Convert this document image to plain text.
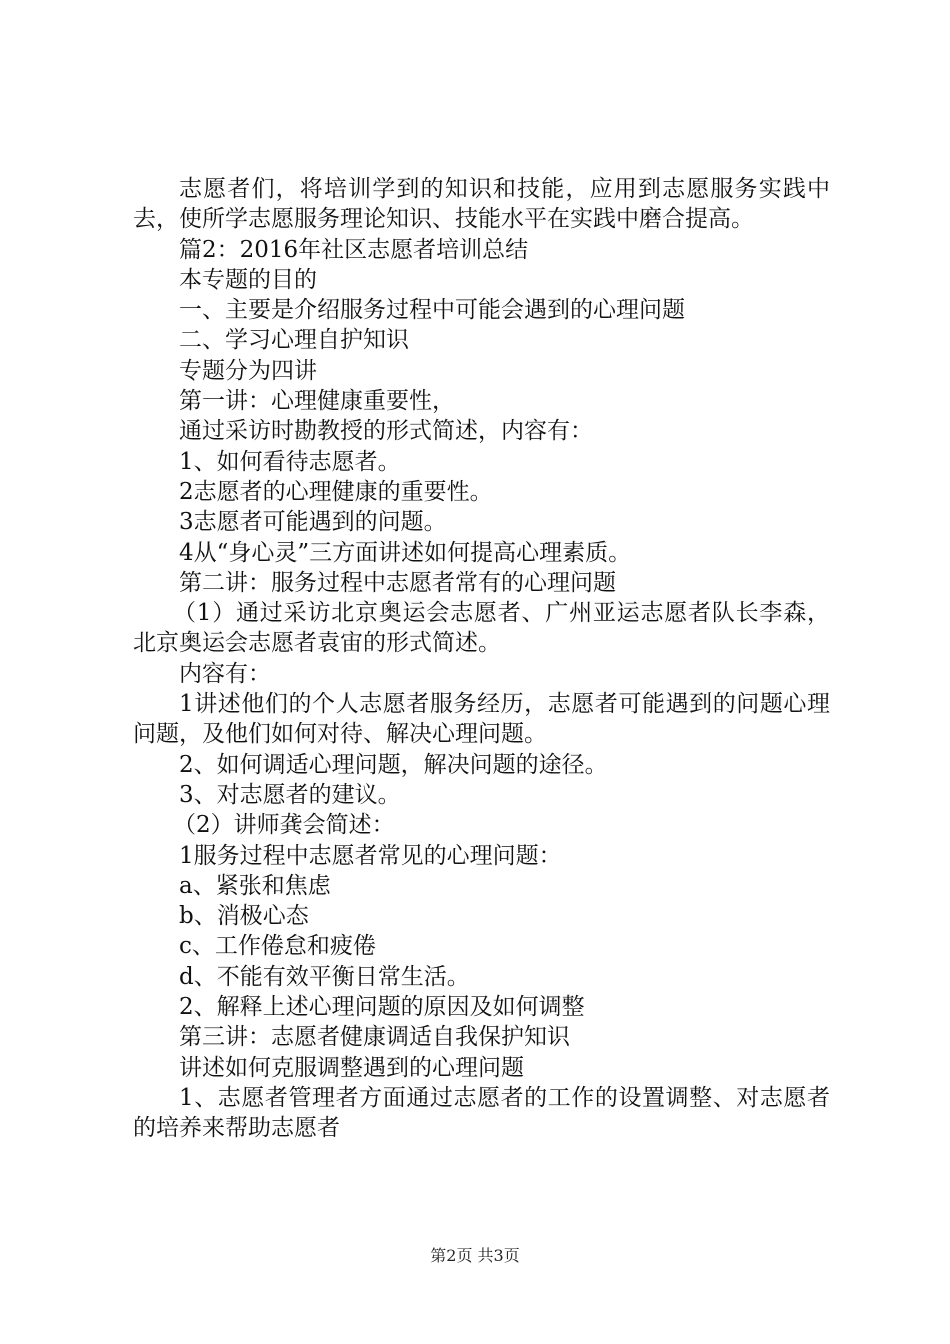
志愿者们，将培训学到的知识和技能，应用到志愿服务实践中去，使所学志愿服务理论知识、技能水平在实践中磨合提高。

篇2：2016年社区志愿者培训总结

本专题的目的

一、主要是介绍服务过程中可能会遇到的心理问题

二、学习心理自护知识

专题分为四讲

第一讲：心理健康重要性，

通过采访时勘教授的形式简述，内容有：

1、如何看待志愿者。

2志愿者的心理健康的重要性。

3志愿者可能遇到的问题。

4从“身心灵”三方面讲述如何提高心理素质。

第二讲：服务过程中志愿者常有的心理问题

（1）通过采访北京奥运会志愿者、广州亚运志愿者队长李森，北京奥运会志愿者袁宙的形式简述。

内容有：

1讲述他们的个人志愿者服务经历，志愿者可能遇到的问题心理问题，及他们如何对待、解决心理问题。

2、如何调适心理问题，解决问题的途径。

3、对志愿者的建议。

（2）讲师龚会简述：

1服务过程中志愿者常见的心理问题：

a、紧张和焦虑

b、消极心态

c、工作倦怠和疲倦

d、不能有效平衡日常生活。

2、解释上述心理问题的原因及如何调整

第三讲：志愿者健康调适自我保护知识

讲述如何克服调整遇到的心理问题

1、志愿者管理者方面通过志愿者的工作的设置调整、对志愿者的培养来帮助志愿者

第2页 共3页
